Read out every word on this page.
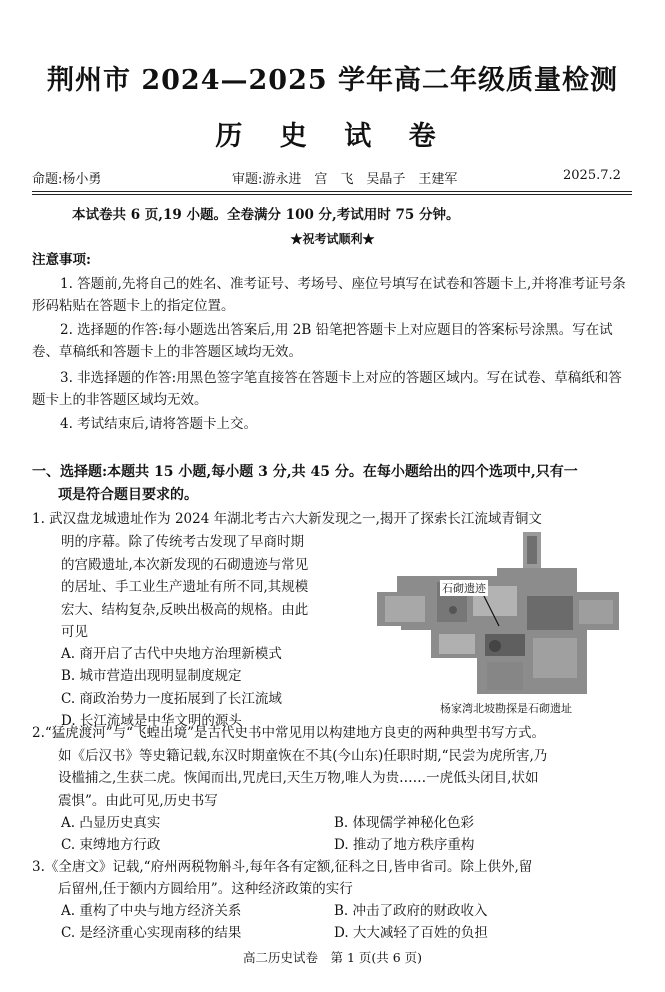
荆州市 2024—2025 学年高二年级质量检测
历 史 试 卷
命题:杨小勇	审题:游永进　宫　飞　吴晶子　王建军	2025.7.2
本试卷共 6 页,19 小题。全卷满分 100 分,考试用时 75 分钟。
★祝考试顺利★
注意事项:
1. 答题前,先将自己的姓名、准考证号、考场号、座位号填写在试卷和答题卡上,并将准考证号条形码粘贴在答题卡上的指定位置。
2. 选择题的作答:每小题选出答案后,用 2B 铅笔把答题卡上对应题目的答案标号涂黑。写在试卷、草稿纸和答题卡上的非答题区域均无效。
3. 非选择题的作答:用黑色签字笔直接答在答题卡上对应的答题区域内。写在试卷、草稿纸和答题卡上的非答题区域均无效。
4. 考试结束后,请将答题卡上交。
一、选择题:本题共 15 小题,每小题 3 分,共 45 分。在每小题给出的四个选项中,只有一
项是符合题目要求的。
1. 武汉盘龙城遗址作为 2024 年湖北考古六大新发现之一,揭开了探索长江流域青铜文
明的序幕。除了传统考古发现了早商时期
的宫殿遗址,本次新发现的石砌遗迹与常见
的居址、手工业生产遗址有所不同,其规模
宏大、结构复杂,反映出极高的规格。由此
可见
A. 商开启了古代中央地方治理新模式
B. 城市营造出现明显制度规定
C. 商政治势力一度拓展到了长江流域
D. 长江流域是中华文明的源头
石砌遗迹
杨家湾北坡勘探是石砌遗址
2.“猛虎渡河”与“飞蝗出境”是古代史书中常见用以构建地方良吏的两种典型书写方式。
如《后汉书》等史籍记载,东汉时期童恢在不其(今山东)任职时期,“民尝为虎所害,乃
设槛捕之,生获二虎。恢闻而出,咒虎曰,天生万物,唯人为贵……一虎低头闭目,状如
震惧”。由此可见,历史书写
A. 凸显历史真实	B. 体现儒学神秘化色彩
C. 束缚地方行政	D. 推动了地方秩序重构
3.《全唐文》记载,“府州两税物斛斗,每年各有定额,征科之日,皆申省司。除上供外,留
后留州,任于额内方圆给用”。这种经济政策的实行
A. 重构了中央与地方经济关系	B. 冲击了政府的财政收入
C. 是经济重心实现南移的结果	D. 大大减轻了百姓的负担
高二历史试卷　第 1 页(共 6 页)
